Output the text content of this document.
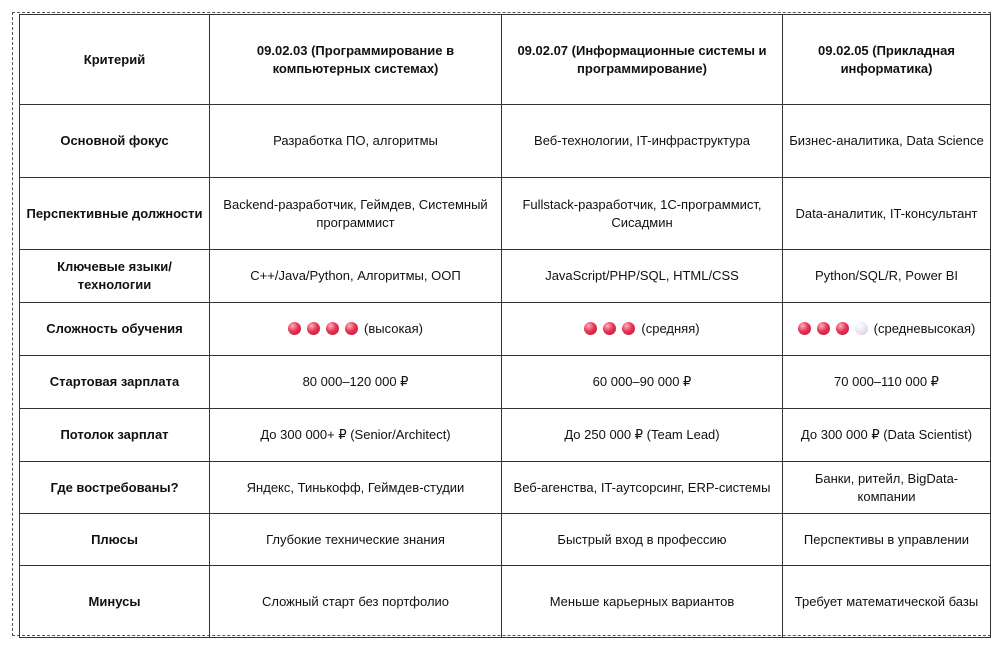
Критерий	09.02.03 (Программирование в компьютерных системах)	09.02.07 (Информационные системы и программирование)	09.02.05 (Прикладная информатика)
Основной фокус	Разработка ПО, алгоритмы	Веб-технологии, IT-инфраструктура	Бизнес-аналитика, Data Science
Перспективные должности	Backend-разработчик, Геймдев, Системный программист	Fullstack-разработчик, 1С-программист, Сисадмин	Data-аналитик, IT-консультант
Ключевые языки/технологии	C++/Java/Python, Алгоритмы, ООП	JavaScript/PHP/SQL, HTML/CSS	Python/SQL/R, Power BI
Сложность обучения	(высокая)	(средняя)	(средневысокая)
Стартовая зарплата	80 000–120 000 ₽	60 000–90 000 ₽	70 000–110 000 ₽
Потолок зарплат	До 300 000+ ₽ (Senior/Architect)	До 250 000 ₽ (Team Lead)	До 300 000 ₽ (Data Scientist)
Где востребованы?	Яндекс, Тинькофф, Геймдев-студии	Веб-агенства, IT-аутсорсинг, ERP-системы	Банки, ритейл, BigData-компании
Плюсы	Глубокие технические знания	Быстрый вход в профессию	Перспективы в управлении
Минусы	Сложный старт без портфолио	Меньше карьерных вариантов	Требует математической базы
